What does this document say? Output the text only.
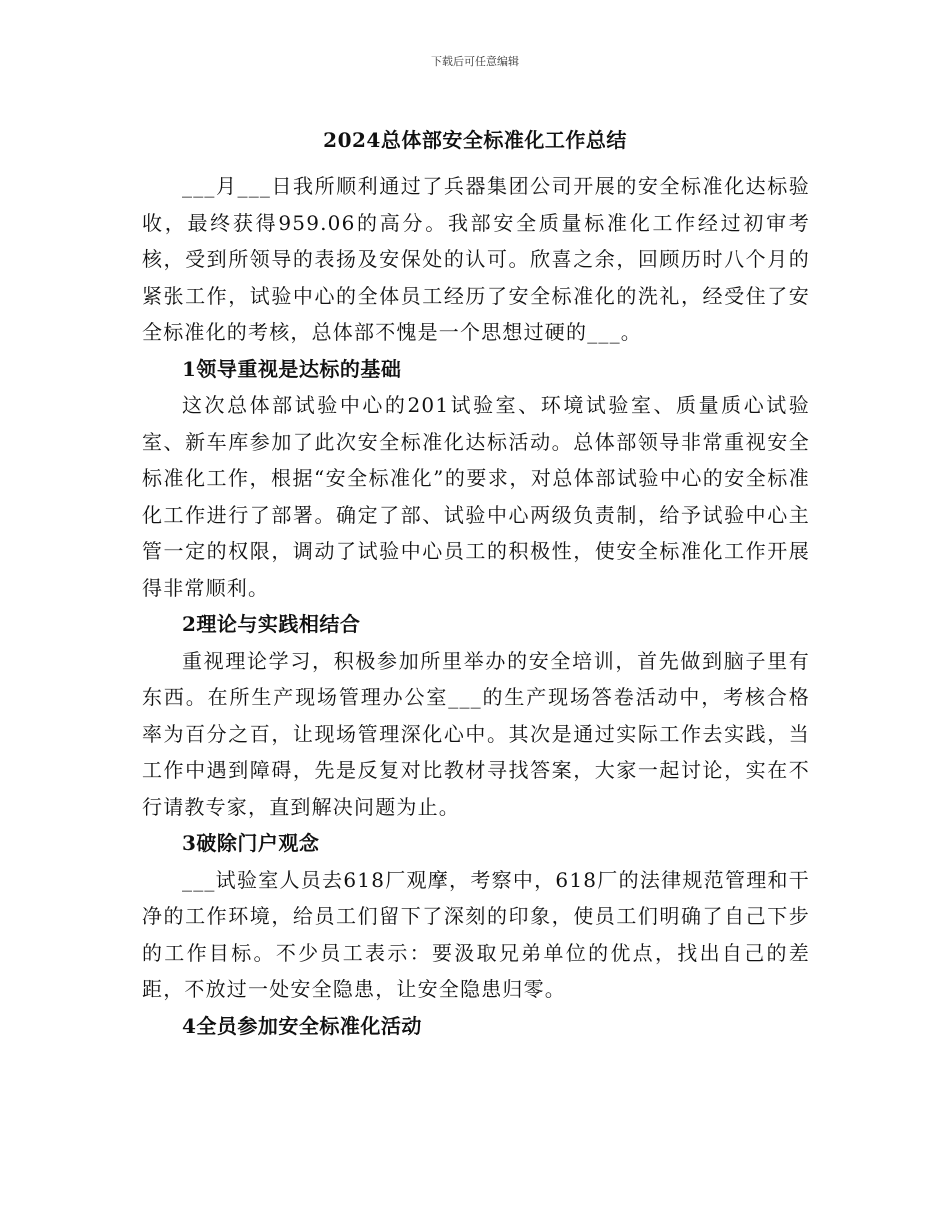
下载后可任意编辑
2024总体部安全标准化工作总结

___月___日我所顺利通过了兵器集团公司开展的安全标准化达标验收，最终获得959.06的高分。我部安全质量标准化工作经过初审考核，受到所领导的表扬及安保处的认可。欣喜之余，回顾历时八个月的紧张工作，试验中心的全体员工经历了安全标准化的洗礼，经受住了安全标准化的考核，总体部不愧是一个思想过硬的___。

1领导重视是达标的基础

这次总体部试验中心的201试验室、环境试验室、质量质心试验室、新车库参加了此次安全标准化达标活动。总体部领导非常重视安全标准化工作，根据“安全标准化”的要求，对总体部试验中心的安全标准化工作进行了部署。确定了部、试验中心两级负责制，给予试验中心主管一定的权限，调动了试验中心员工的积极性，使安全标准化工作开展得非常顺利。

2理论与实践相结合

重视理论学习，积极参加所里举办的安全培训，首先做到脑子里有东西。在所生产现场管理办公室___的生产现场答卷活动中，考核合格率为百分之百，让现场管理深化心中。其次是通过实际工作去实践，当工作中遇到障碍，先是反复对比教材寻找答案，大家一起讨论，实在不行请教专家，直到解决问题为止。

3破除门户观念

___试验室人员去618厂观摩，考察中，618厂的法律规范管理和干净的工作环境，给员工们留下了深刻的印象，使员工们明确了自己下步的工作目标。不少员工表示：要汲取兄弟单位的优点，找出自己的差距，不放过一处安全隐患，让安全隐患归零。

4全员参加安全标准化活动
